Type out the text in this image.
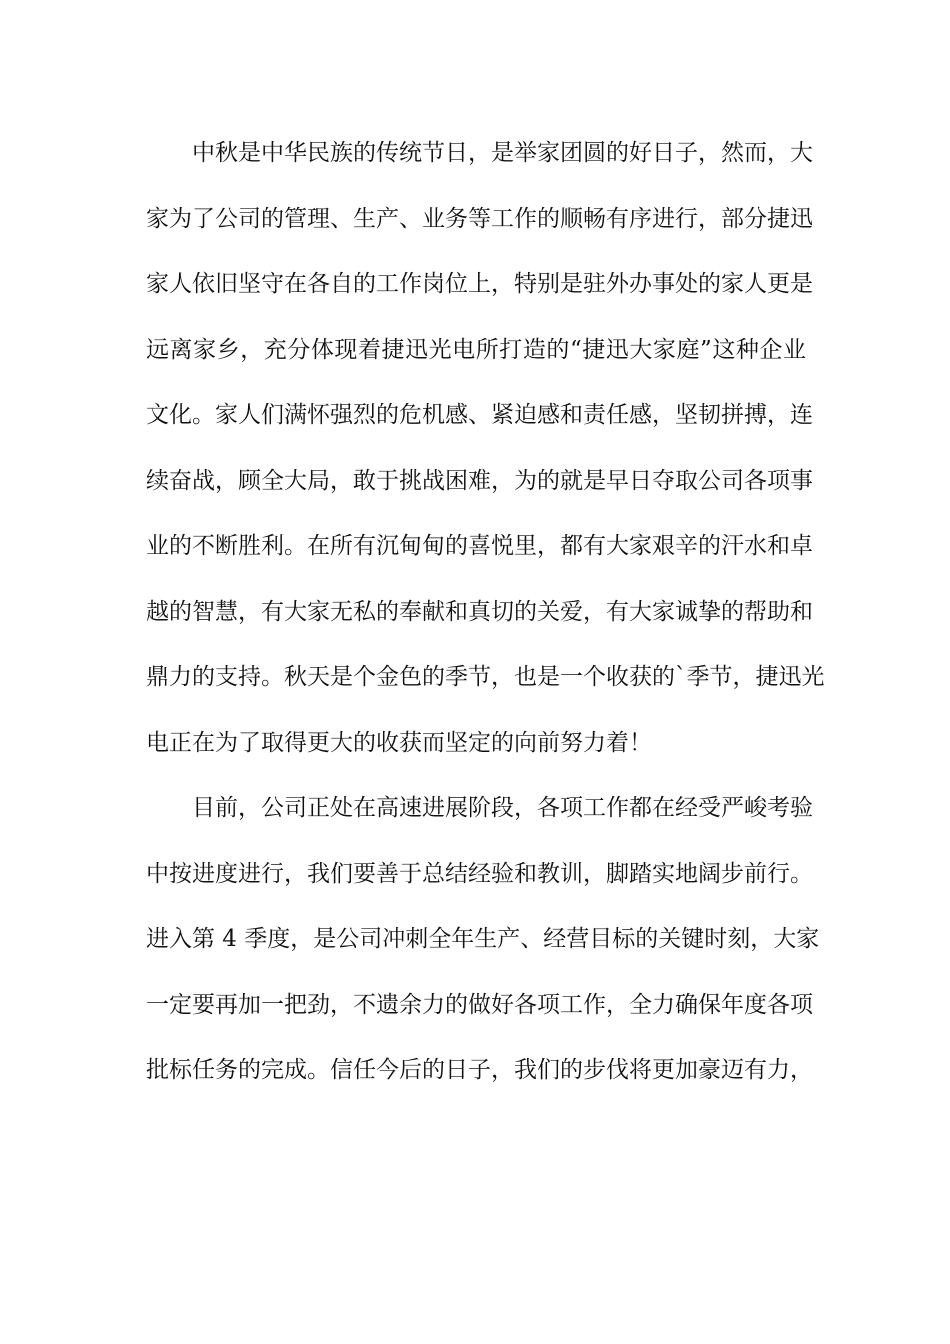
　　中秋是中华民族的传统节日，是举家团圆的好日子，然而，大
家为了公司的管理、生产、业务等工作的顺畅有序进行，部分捷迅
家人依旧坚守在各自的工作岗位上，特别是驻外办事处的家人更是
远离家乡，充分体现着捷迅光电所打造的“捷迅大家庭”这种企业
文化。家人们满怀强烈的危机感、紧迫感和责任感，坚韧拼搏，连
续奋战，顾全大局，敢于挑战困难，为的就是早日夺取公司各项事
业的不断胜利。在所有沉甸甸的喜悦里，都有大家艰辛的汗水和卓
越的智慧，有大家无私的奉献和真切的关爱，有大家诚挚的帮助和
鼎力的支持。秋天是个金色的季节，也是一个收获的`季节，捷迅光
电正在为了取得更大的收获而坚定的向前努力着！
　　目前，公司正处在高速进展阶段，各项工作都在经受严峻考验
中按进度进行，我们要善于总结经验和教训，脚踏实地阔步前行。
进入第 4 季度，是公司冲刺全年生产、经营目标的关键时刻，大家
一定要再加一把劲，不遗余力的做好各项工作，全力确保年度各项
批标任务的完成。信任今后的日子，我们的步伐将更加豪迈有力，
